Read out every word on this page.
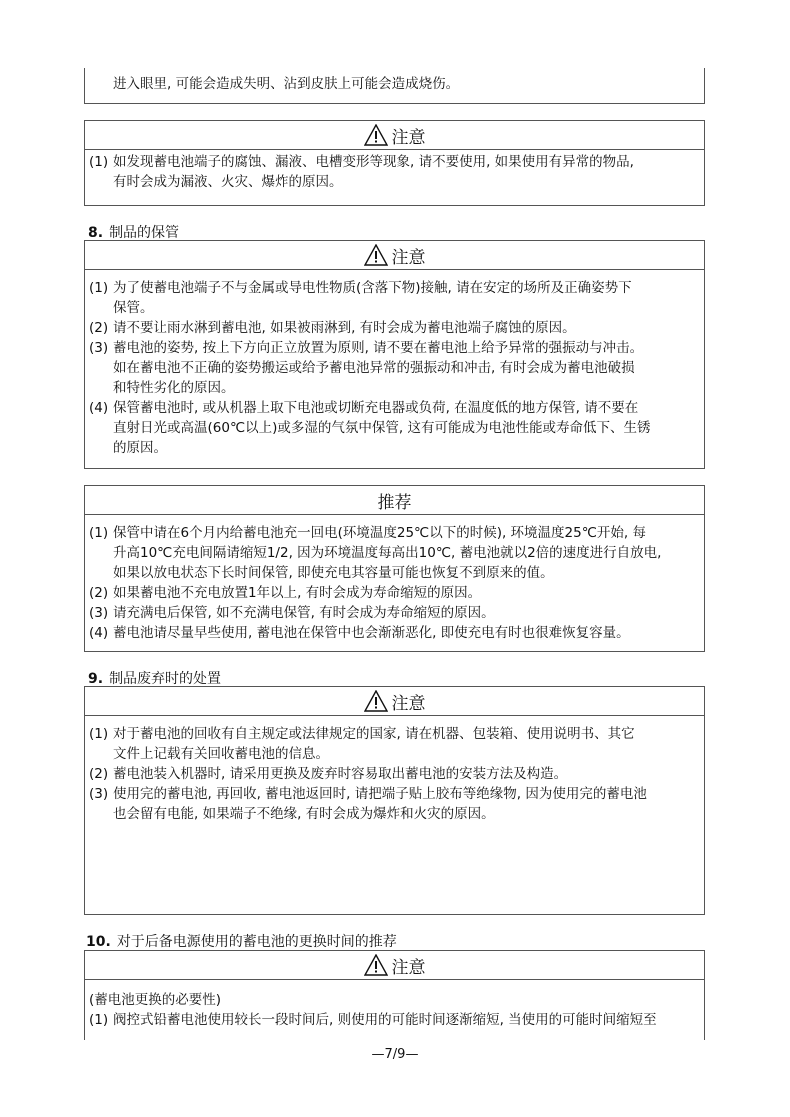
进入眼里, 可能会造成失明、沾到皮肤上可能会造成烧伤。
注意
(1) 如发现蓄电池端子的腐蚀、漏液、电槽变形等现象, 请不要使用, 如果使用有异常的物品,
有时会成为漏液、火灾、爆炸的原因。
8. 制品的保管
注意
(1) 为了使蓄电池端子不与金属或导电性物质(含落下物)接触, 请在安定的场所及正确姿势下
保管。
(2) 请不要让雨水淋到蓄电池, 如果被雨淋到, 有时会成为蓄电池端子腐蚀的原因。
(3) 蓄电池的姿势, 按上下方向正立放置为原则, 请不要在蓄电池上给予异常的强振动与冲击。
如在蓄电池不正确的姿势搬运或给予蓄电池异常的强振动和冲击, 有时会成为蓄电池破损
和特性劣化的原因。
(4) 保管蓄电池时, 或从机器上取下电池或切断充电器或负荷, 在温度低的地方保管, 请不要在
直射日光或高温(60℃以上)或多湿的气氛中保管, 这有可能成为电池性能或寿命低下、生锈
的原因。
推荐
(1) 保管中请在6个月内给蓄电池充一回电(环境温度25℃以下的时候), 环境温度25℃开始, 每
升高10℃充电间隔请缩短1/2, 因为环境温度每高出10℃, 蓄电池就以2倍的速度进行自放电,
如果以放电状态下长时间保管, 即使充电其容量可能也恢复不到原来的值。
(2) 如果蓄电池不充电放置1年以上, 有时会成为寿命缩短的原因。
(3) 请充满电后保管, 如不充满电保管, 有时会成为寿命缩短的原因。
(4) 蓄电池请尽量早些使用, 蓄电池在保管中也会渐渐恶化, 即使充电有时也很难恢复容量。
9. 制品废弃时的处置
注意
(1) 对于蓄电池的回收有自主规定或法律规定的国家, 请在机器、包装箱、使用说明书、其它
文件上记载有关回收蓄电池的信息。
(2) 蓄电池装入机器时, 请采用更换及废弃时容易取出蓄电池的安装方法及构造。
(3) 使用完的蓄电池, 再回收, 蓄电池返回时, 请把端子贴上胶布等绝缘物, 因为使用完的蓄电池
也会留有电能, 如果端子不绝缘, 有时会成为爆炸和火灾的原因。
10. 对于后备电源使用的蓄电池的更换时间的推荐
注意
(蓄电池更换的必要性)
(1) 阀控式铅蓄电池使用较长一段时间后, 则使用的可能时间逐渐缩短, 当使用的可能时间缩短至
—7/9—
